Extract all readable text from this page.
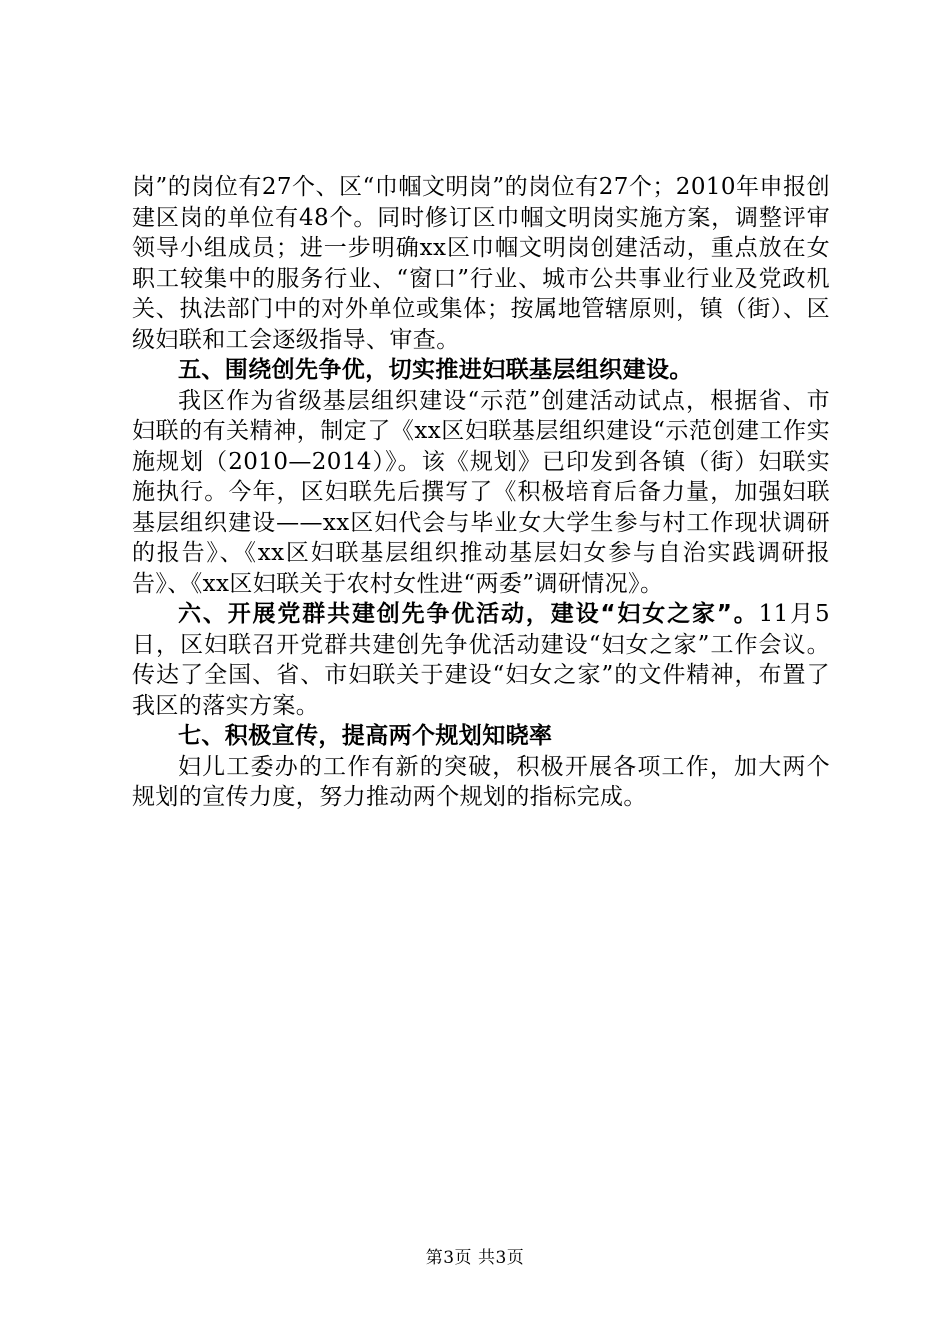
岗”的岗位有27个、区“巾帼文明岗”的岗位有27个；2010年申报创建区岗的单位有48个。同时修订区巾帼文明岗实施方案，调整评审领导小组成员；进一步明确xx区巾帼文明岗创建活动，重点放在女职工较集中的服务行业、“窗口”行业、城市公共事业行业及党政机关、执法部门中的对外单位或集体；按属地管辖原则，镇（街）、区级妇联和工会逐级指导、审查。

五、围绕创先争优，切实推进妇联基层组织建设。

我区作为省级基层组织建设“示范”创建活动试点，根据省、市妇联的有关精神，制定了《xx区妇联基层组织建设“示范创建工作实施规划（2010—2014）》。该《规划》已印发到各镇（街）妇联实施执行。今年，区妇联先后撰写了《积极培育后备力量，加强妇联基层组织建设——xx区妇代会与毕业女大学生参与村工作现状调研的报告》、《xx区妇联基层组织推动基层妇女参与自治实践调研报告》、《xx区妇联关于农村女性进“两委”调研情况》。

六、开展党群共建创先争优活动，建设“妇女之家”。11月5日，区妇联召开党群共建创先争优活动建设“妇女之家”工作会议。传达了全国、省、市妇联关于建设“妇女之家”的文件精神，布置了我区的落实方案。

七、积极宣传，提高两个规划知晓率

妇儿工委办的工作有新的突破，积极开展各项工作，加大两个规划的宣传力度，努力推动两个规划的指标完成。

第3页 共3页
